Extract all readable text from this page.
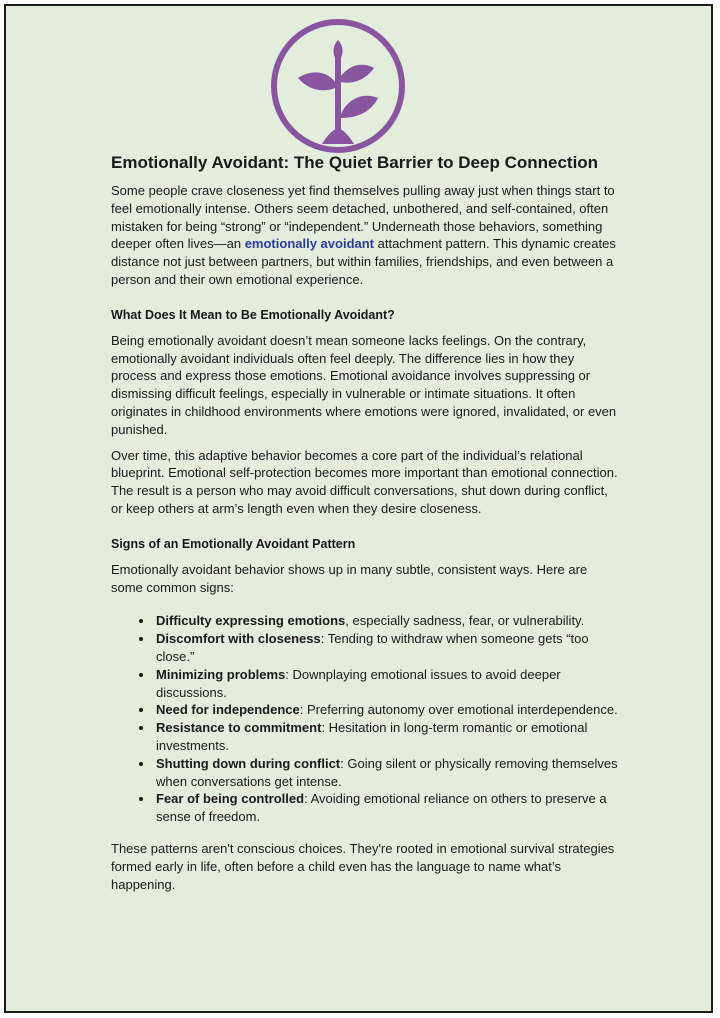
Emotionally Avoidant: The Quiet Barrier to Deep Connection

Some people crave closeness yet find themselves pulling away just when things start to feel emotionally intense. Others seem detached, unbothered, and self-contained, often mistaken for being “strong” or “independent.” Underneath those behaviors, something deeper often lives—an emotionally avoidant attachment pattern. This dynamic creates distance not just between partners, but within families, friendships, and even between a person and their own emotional experience.

What Does It Mean to Be Emotionally Avoidant?

Being emotionally avoidant doesn’t mean someone lacks feelings. On the contrary, emotionally avoidant individuals often feel deeply. The difference lies in how they process and express those emotions. Emotional avoidance involves suppressing or dismissing difficult feelings, especially in vulnerable or intimate situations. It often originates in childhood environments where emotions were ignored, invalidated, or even punished.

Over time, this adaptive behavior becomes a core part of the individual’s relational blueprint. Emotional self-protection becomes more important than emotional connection. The result is a person who may avoid difficult conversations, shut down during conflict, or keep others at arm’s length even when they desire closeness.

Signs of an Emotionally Avoidant Pattern

Emotionally avoidant behavior shows up in many subtle, consistent ways. Here are some common signs:

• Difficulty expressing emotions, especially sadness, fear, or vulnerability.
• Discomfort with closeness: Tending to withdraw when someone gets “too close.”
• Minimizing problems: Downplaying emotional issues to avoid deeper discussions.
• Need for independence: Preferring autonomy over emotional interdependence.
• Resistance to commitment: Hesitation in long-term romantic or emotional investments.
• Shutting down during conflict: Going silent or physically removing themselves when conversations get intense.
• Fear of being controlled: Avoiding emotional reliance on others to preserve a sense of freedom.

These patterns aren't conscious choices. They're rooted in emotional survival strategies formed early in life, often before a child even has the language to name what’s happening.
